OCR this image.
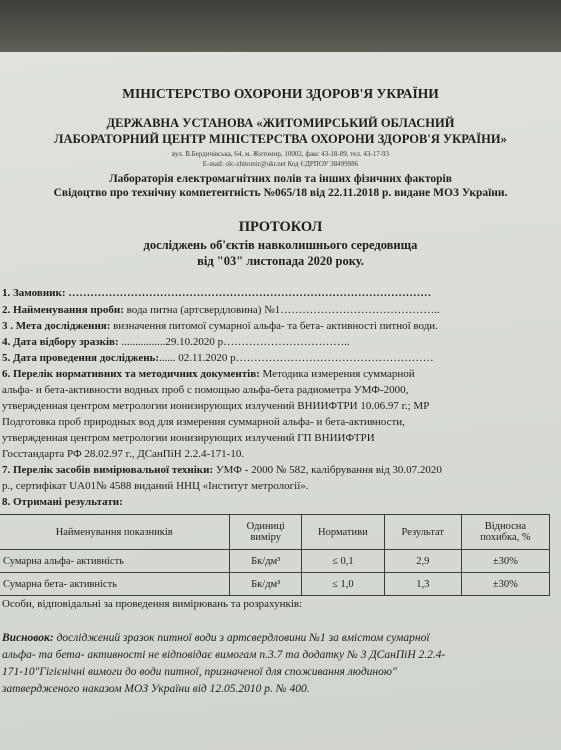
МІНІСТЕРСТВО ОХОРОНИ ЗДОРОВ'Я УКРАЇНИ
ДЕРЖАВНА УСТАНОВА «ЖИТОМИРСЬКИЙ ОБЛАСНИЙ
ЛАБОРАТОРНИЙ ЦЕНТР МІНІСТЕРСТВА ОХОРОНИ ЗДОРОВ'Я УКРАЇНИ»
вул. В.Бердичівська, 64, м. Житомир, 10002, факс 43-18-09, тел. 43-17-93
E-mail: olc-zhitomir@ukr.net Код ЄДРПОУ 38499986
Лабораторія електромагнітних полів та інших фізичних факторів
Свідоцтво про технічну компетентність №065/18 від 22.11.2018 р. видане МОЗ України.
ПРОТОКОЛ
досліджень об'єктів навколишнього середовища
від "03" листопада 2020 року.
1. Замовник: ………………………………………………………………………………………
2. Найменування проби: вода питна (артсвердловина) №1……………………………………..
3 . Мета дослідження: визначення питомої сумарної альфа- та бета- активності питної води.
4. Дата відбору зразків: ................29.10.2020 р……………………………..
5. Дата проведення досліджень:...... 02.11.2020 р………………………………………………
6. Перелік нормативних та методичних документів: Методика измерения суммарной
альфа- и бета-активности водных проб с помощью альфа-бета радиометра УМФ-2000,
утвержденная центром метрологии ионизирующих излучений ВНИИФТРИ 10.06.97 г.; МР
Подготовка проб природных вод для измерения суммарной альфа- и бета-активности,
утвержденная центром метрологии ионизирующих излучений ГП ВНИИФТРИ
Госстандарта РФ 28.02.97 г., ДСанПіН 2.2.4-171-10.
7. Перелік засобів вимірювальної техніки: УМФ - 2000 № 582, калібрування від 30.07.2020
р., сертифікат UA01№ 4588 виданий ННЦ «Інститут метрології».
Найменування показників	Одиниці виміру	Нормативи	Результат	Відносна похибка, %
Сумарна альфа- активність	Бк/дм³	≤ 0,1	2,9	±30%
Сумарна бета- активність	Бк/дм³	≤ 1,0	1,3	±30%
8. Отримані результати:
Особи, відповідальні за проведення вимірювань та розрахунків:
Висновок: досліджений зразок питної води з артсвердловини №1 за вмістом сумарної
альфа- та бета- активності не відповідає вимогам п.3.7 та додатку № 3 ДСанПіН 2.2.4-
171-10"Гігієнічні вимоги до води питної, призначеної для споживання людиною"
затвердженого наказом МОЗ України від 12.05.2010 р. № 400.
